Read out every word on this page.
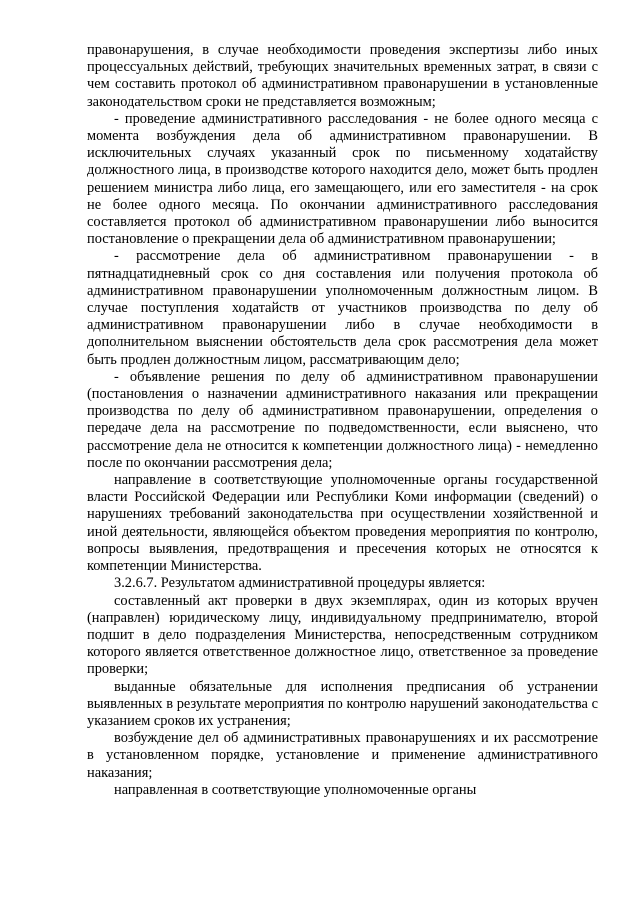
правонарушения, в случае необходимости проведения экспертизы либо иных процессуальных действий, требующих значительных временных затрат, в связи с чем составить протокол об административном правонарушении в установленные законодательством сроки не представляется возможным;

- проведение административного расследования - не более одного месяца с момента возбуждения дела об административном правонарушении. В исключительных случаях указанный срок по письменному ходатайству должностного лица, в производстве которого находится дело, может быть продлен решением министра либо лица, его замещающего, или его заместителя - на срок не более одного месяца. По окончании административного расследования составляется протокол об административном правонарушении либо выносится постановление о прекращении дела об административном правонарушении;

- рассмотрение дела об административном правонарушении - в пятнадцатидневный срок со дня составления или получения протокола об административном правонарушении уполномоченным должностным лицом. В случае поступления ходатайств от участников производства по делу об административном правонарушении либо в случае необходимости в дополнительном выяснении обстоятельств дела срок рассмотрения дела может быть продлен должностным лицом, рассматривающим дело;

- объявление решения по делу об административном правонарушении (постановления о назначении административного наказания или прекращении производства по делу об административном правонарушении, определения о передаче дела на рассмотрение по подведомственности, если выяснено, что рассмотрение дела не относится к компетенции должностного лица) - немедленно после по окончании рассмотрения дела;

направление в соответствующие уполномоченные органы государственной власти Российской Федерации или Республики Коми информации (сведений) о нарушениях требований законодательства при осуществлении хозяйственной и иной деятельности, являющейся объектом проведения мероприятия по контролю, вопросы выявления, предотвращения и пресечения которых не относятся к компетенции Министерства.

3.2.6.7. Результатом административной процедуры является:

составленный акт проверки в двух экземплярах, один из которых вручен (направлен) юридическому лицу, индивидуальному предпринимателю, второй подшит в дело подразделения Министерства, непосредственным сотрудником которого является ответственное должностное лицо, ответственное за проведение проверки;

выданные обязательные для исполнения предписания об устранении выявленных в результате мероприятия по контролю нарушений законодательства с указанием сроков их устранения;

возбуждение дел об административных правонарушениях и их рассмотрение в установленном порядке, установление и применение административного наказания;

направленная в соответствующие уполномоченные органы
